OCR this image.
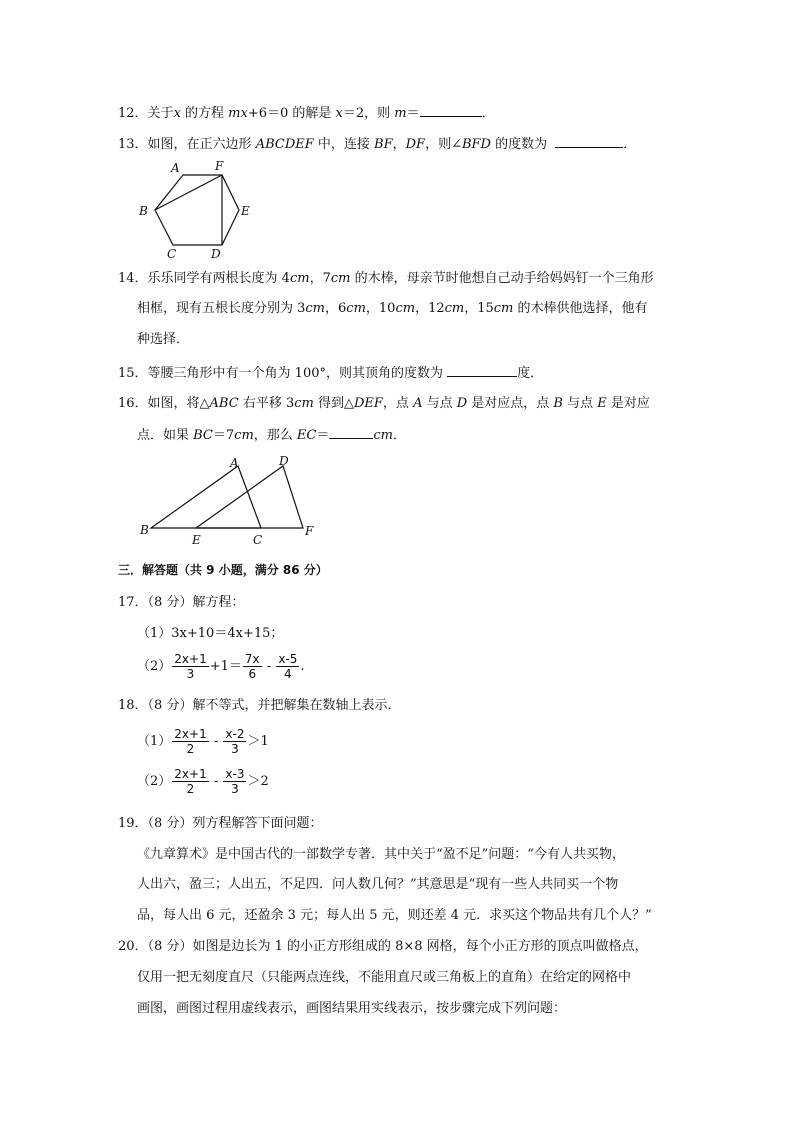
12．关于x 的方程 mx+6＝0 的解是 x＝2，则 m＝	．
13．如图，在正六边形 ABCDEF 中，连接 BF，DF，则∠BFD 的度数为	．
A	F
B	E
C	D
14．乐乐同学有两根长度为 4cm，7cm 的木棒，母亲节时他想自己动手给妈妈钉一个三角形
相框，现有五根长度分别为 3cm，6cm，10cm，12cm，15cm 的木棒供他选择，他有
种选择．
15．等腰三角形中有一个角为 100°，则其顶角的度数为	度．
16．如图，将△ABC 右平移 3cm 得到△DEF，点 A 与点 D 是对应点，点 B 与点 E 是对应
点．如果 BC＝7cm，那么 EC＝	cm．
A	D
B	F
E	C
三．解答题（共 9 小题，满分 86 分）
17．（8 分）解方程：
（1）3x+10＝4x+15；
$(2) \frac{2x+1}{3} +1= \frac{7x}{6} - \frac{x-5}{4}$ .
18．（8 分）解不等式，并把解集在数轴上表示．
$(1) \frac{2x+1}{2} - \frac{x-2}{3} >1$
$(2) \frac{2x+1}{2} - \frac{x-3}{3} >2$
19．（8 分）列方程解答下面问题：
《九章算术》是中国古代的一部数学专著．其中关于“盈不足”问题：“今有人共买物，
人出六，盈三；人出五，不足四．问人数几何？”其意思是“现有一些人共同买一个物
品，每人出 6 元，还盈余 3 元；每人出 5 元，则还差 4 元．求买这个物品共有几个人？”
20．（8 分）如图是边长为 1 的小正方形组成的 8×8 网格，每个小正方形的顶点叫做格点，
仅用一把无刻度直尺（只能两点连线，不能用直尺或三角板上的直角）在给定的网格中
画图，画图过程用虚线表示，画图结果用实线表示，按步骤完成下列问题：
